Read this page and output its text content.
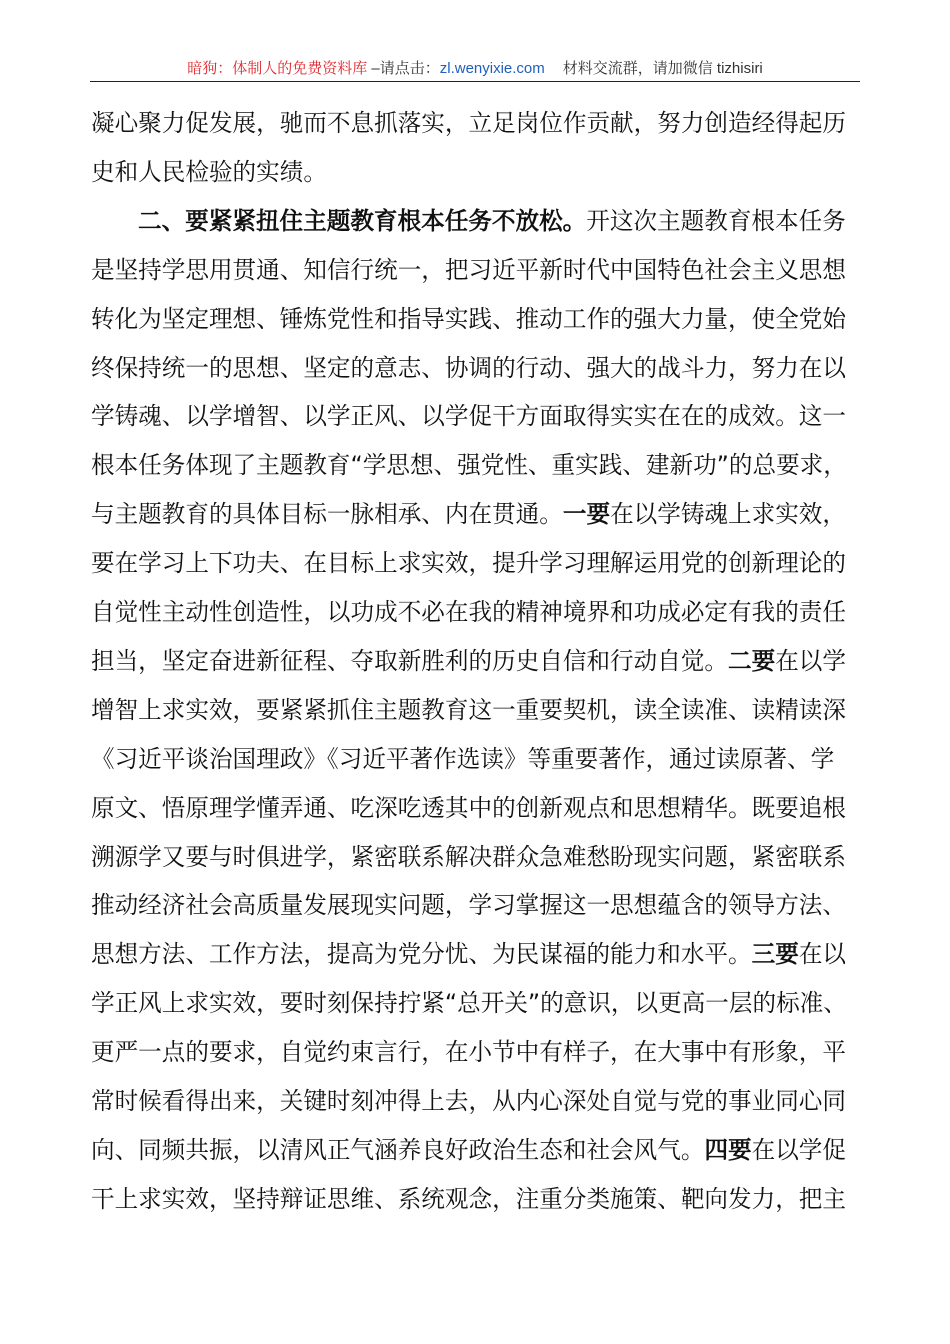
暗狗：体制人的免费资料库 –请点击：zl.wenyixie.com 材料交流群，请加微信 tizhisiri
凝心聚力促发展，驰而不息抓落实，立足岗位作贡献，努力创造经得起历
史和人民检验的实绩。
二、要紧紧扭住主题教育根本任务不放松。开这次主题教育根本任务
是坚持学思用贯通、知信行统一，把习近平新时代中国特色社会主义思想
转化为坚定理想、锤炼党性和指导实践、推动工作的强大力量，使全党始
终保持统一的思想、坚定的意志、协调的行动、强大的战斗力，努力在以
学铸魂、以学增智、以学正风、以学促干方面取得实实在在的成效。这一
根本任务体现了主题教育“学思想、强党性、重实践、建新功”的总要求，
与主题教育的具体目标一脉相承、内在贯通。一要在以学铸魂上求实效，
要在学习上下功夫、在目标上求实效，提升学习理解运用党的创新理论的
自觉性主动性创造性，以功成不必在我的精神境界和功成必定有我的责任
担当，坚定奋进新征程、夺取新胜利的历史自信和行动自觉。二要在以学
增智上求实效，要紧紧抓住主题教育这一重要契机，读全读准、读精读深
《习近平谈治国理政》《习近平著作选读》等重要著作，通过读原著、学
原文、悟原理学懂弄通、吃深吃透其中的创新观点和思想精华。既要追根
溯源学又要与时俱进学，紧密联系解决群众急难愁盼现实问题，紧密联系
推动经济社会高质量发展现实问题，学习掌握这一思想蕴含的领导方法、
思想方法、工作方法，提高为党分忧、为民谋福的能力和水平。三要在以
学正风上求实效，要时刻保持拧紧“总开关”的意识，以更高一层的标准、
更严一点的要求，自觉约束言行，在小节中有样子，在大事中有形象，平
常时候看得出来，关键时刻冲得上去，从内心深处自觉与党的事业同心同
向、同频共振，以清风正气涵养良好政治生态和社会风气。四要在以学促
干上求实效，坚持辩证思维、系统观念，注重分类施策、靶向发力，把主
